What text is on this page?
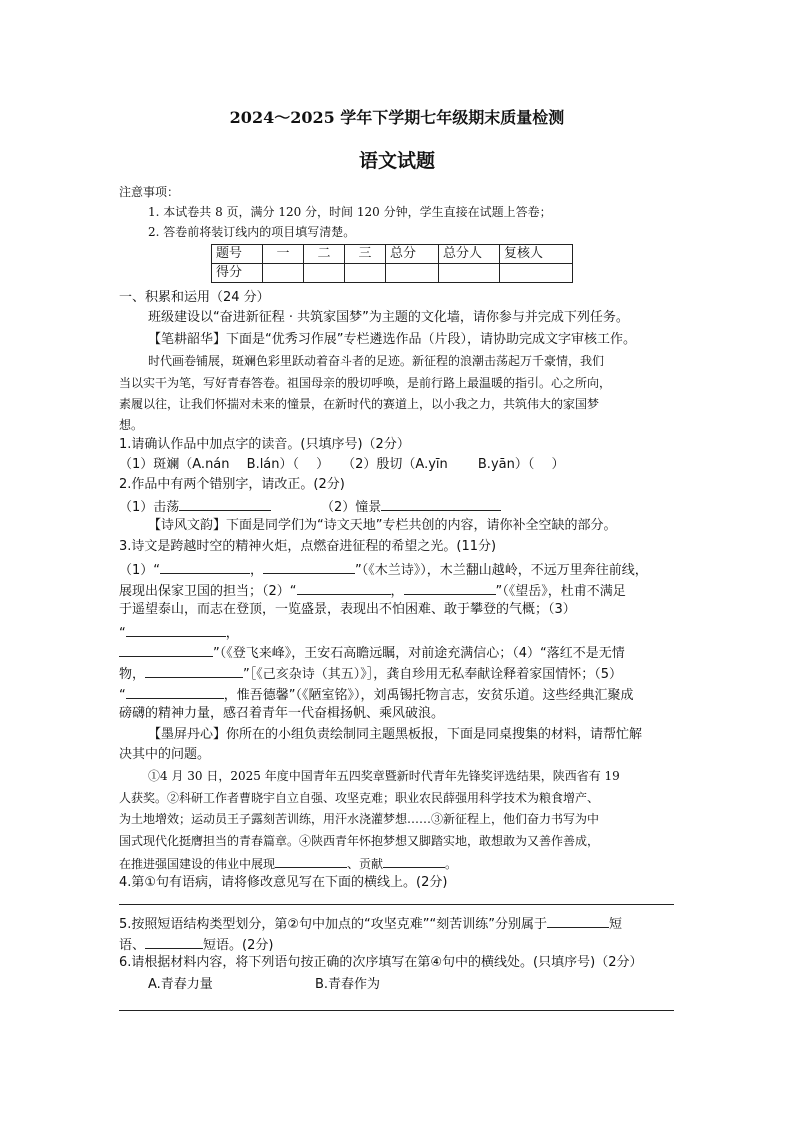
2024～2025 学年下学期七年级期末质量检测
语文试题
注意事项：
1. 本试卷共 8 页，满分 120 分，时间 120 分钟，学生直接在试题上答卷；
2. 答卷前将装订线内的项目填写清楚。
题号	一	二	三	总分	总分人	复核人
得分						
一、积累和运用（24 分）
班级建设以“奋进新征程 · 共筑家国梦”为主题的文化墙，请你参与并完成下列任务。
【笔耕韶华】下面是“优秀习作展”专栏遴选作品（片段），请协助完成文字审核工作。
时代画卷铺展，斑斓色彩里跃动着奋斗者的足迹。新征程的浪潮击荡起万千豪情，我们
当以实干为笔，写好青春答卷。祖国母亲的殷切呼唤，是前行路上最温暖的指引。心之所向，
素履以往，让我们怀揣对未来的憧景，在新时代的赛道上，以小我之力，共筑伟大的家国梦
想。
1.请确认作品中加点字的读音。(只填序号)（2分）
（1）斑斓（A.nán　 B.lán）（　 ）　　（2）殷切（A.yīn　 　B.yān）（　 ）
2.作品中有两个错别字，请改正。(2分)
（1）击荡	（2）憧景
【诗风文韵】下面是同学们为“诗文天地”专栏共创的内容，请你补全空缺的部分。
3.诗文是跨越时空的精神火炬，点燃奋进征程的希望之光。(11分)
（1）“	，	”（《木兰诗》），木兰翻山越岭，不远万里奔往前线，
展现出保家卫国的担当；（2）“	，	”（《望岳》，杜甫不满足
于遥望泰山，而志在登顶，一览盛景，表现出不怕困难、敢于攀登的气概；（3）
“	，
”（《登飞来峰》，王安石高瞻远瞩，对前途充满信心；（4）“落红不是无情
物，	”［《己亥杂诗（其五）》］，龚自珍用无私奉献诠释着家国情怀；（5）
“	，惟吾德馨”（《陋室铭》），刘禹锡托物言志，安贫乐道。这些经典汇聚成
磅礴的精神力量，感召着青年一代奋楫扬帆、乘风破浪。
【墨屏丹心】你所在的小组负责绘制同主题黑板报，下面是同桌搜集的材料，请帮忙解
决其中的问题。
①4 月 30 日，2025 年度中国青年五四奖章暨新时代青年先锋奖评选结果，陕西省有 19
人获奖。②科研工作者曹晓宇自立自强、攻坚克难；职业农民薛强用科学技术为粮食增产、
为土地增效；运动员王子露刻苦训练，用汗水浇灌梦想……③新征程上，他们奋力书写为中
国式现代化挺膺担当的青春篇章。④陕西青年怀抱梦想又脚踏实地，敢想敢为又善作善成，
在推进强国建设的伟业中展现	、贡献	。
4.第①句有语病，请将修改意见写在下面的横线上。(2分)
5.按照短语结构类型划分，第②句中加点的“攻坚克难”“刻苦训练”分别属于	短
语、	短语。(2分)
6.请根据材料内容，将下列语句按正确的次序填写在第④句中的横线处。(只填序号)（2分）
A.青春力量	B.青春作为
